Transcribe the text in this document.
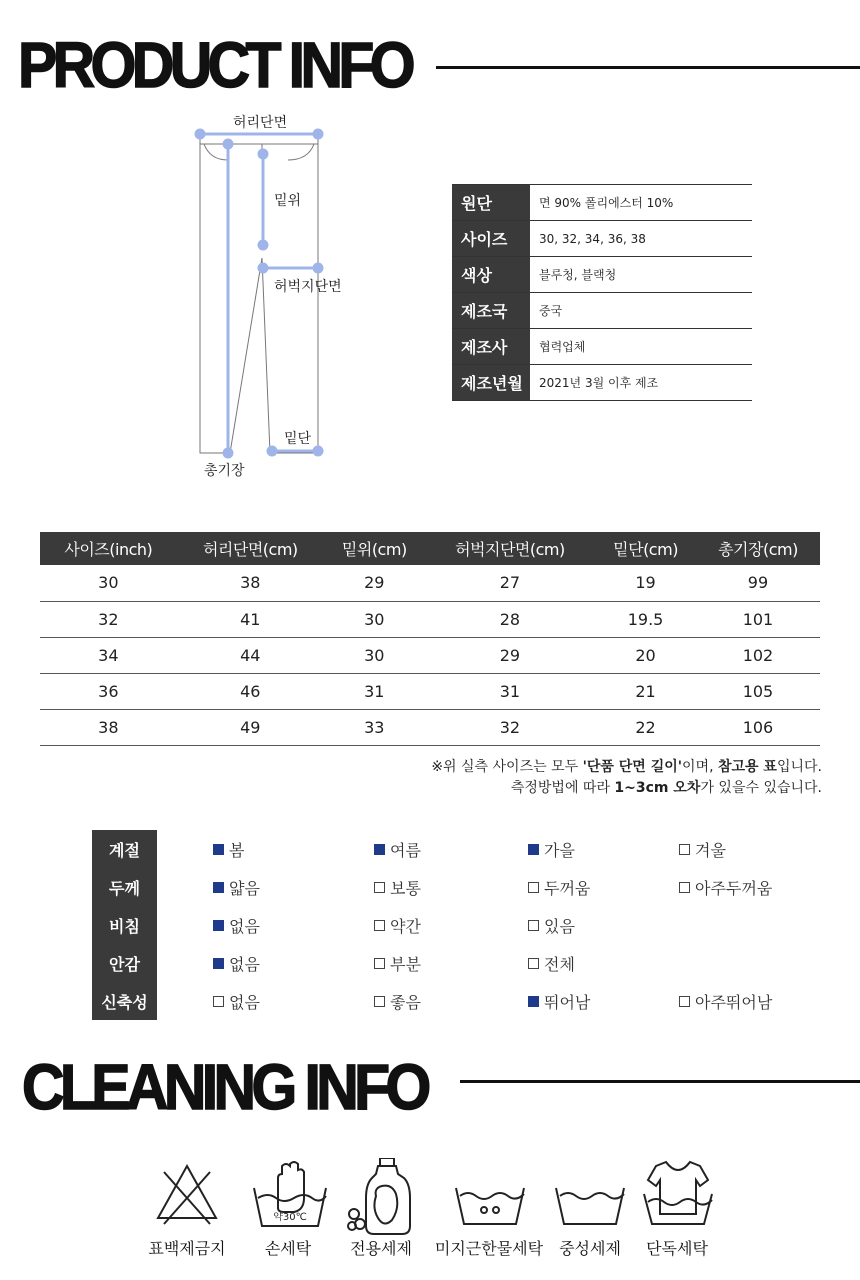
PRODUCT INFO
허리단면
밑위
허벅지단면
밑단
총기장
원단	면 90% 폴리에스터 10%
사이즈	30, 32, 34, 36, 38
색상	블루청, 블랙청
제조국	중국
제조사	협력업체
제조년월	2021년 3월 이후 제조
사이즈(inch)	허리단면(cm)	밑위(cm)	허벅지단면(cm)	밑단(cm)	총기장(cm)
30	38	29	27	19	99
32	41	30	28	19.5	101
34	44	30	29	20	102
36	46	31	31	21	105
38	49	33	32	22	106
※위 실측 사이즈는 모두 '단품 단면 길이'이며, 참고용 표입니다.
측정방법에 따라 1~3cm 오차가 있을수 있습니다.
계절	봄	여름	가을	겨울
두께	얇음	보통	두꺼움	아주두꺼움
비침	없음	약간	있음
안감	없음	부분	전체
신축성	없음	좋음	뛰어남	아주뛰어남
CLEANING INFO
약30℃
표백제금지 손세탁 전용세제 미지근한물세탁 중성세제 단독세탁
